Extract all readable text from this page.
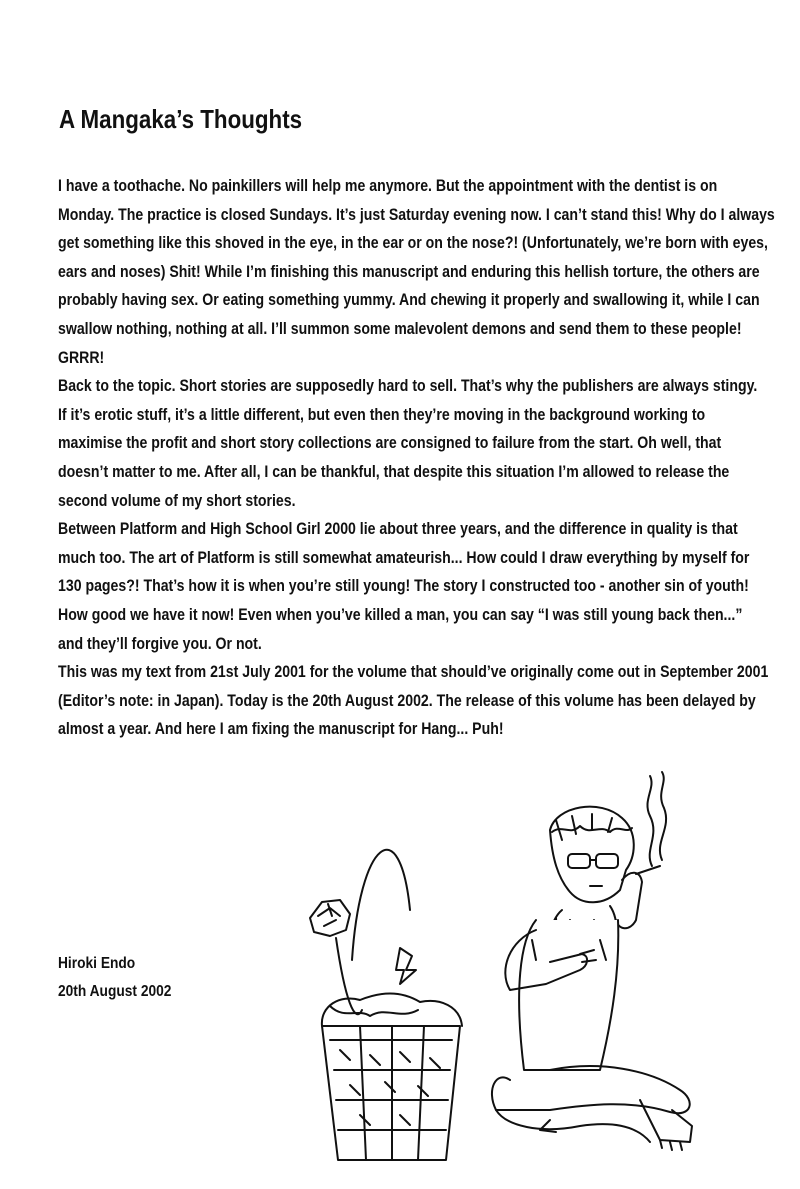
A Mangaka’s Thoughts

I have a toothache. No painkillers will help me anymore. But the appointment with the dentist is on

Monday. The practice is closed Sundays. It’s just Saturday evening now. I can’t stand this! Why do I always

get something like this shoved in the eye, in the ear or on the nose?! (Unfortunately, we’re born with eyes,

ears and noses) Shit! While I’m finishing this manuscript and enduring this hellish torture, the others are

probably having sex. Or eating something yummy. And chewing it properly and swallowing it, while I can

swallow nothing, nothing at all. I’ll summon some malevolent demons and send them to these people!

GRRR!

Back to the topic. Short stories are supposedly hard to sell. That’s why the publishers are always stingy.

If it’s erotic stuff, it’s a little different, but even then they’re moving in the background working to

maximise the profit and short story collections are consigned to failure from the start. Oh well, that

doesn’t matter to me. After all, I can be thankful, that despite this situation I’m allowed to release the

second volume of my short stories.

Between Platform and High School Girl 2000 lie about three years, and the difference in quality is that

much too. The art of Platform is still somewhat amateurish... How could I draw everything by myself for

130 pages?! That’s how it is when you’re still young! The story I constructed too - another sin of youth!

How good we have it now! Even when you’ve killed a man, you can say “I was still young back then...”

and they’ll forgive you. Or not.

This was my text from 21st July 2001 for the volume that should’ve originally come out in September 2001

(Editor’s note: in Japan). Today is the 20th August 2002. The release of this volume has been delayed by

almost a year. And here I am fixing the manuscript for Hang... Puh!

Hiroki Endo

20th August 2002
